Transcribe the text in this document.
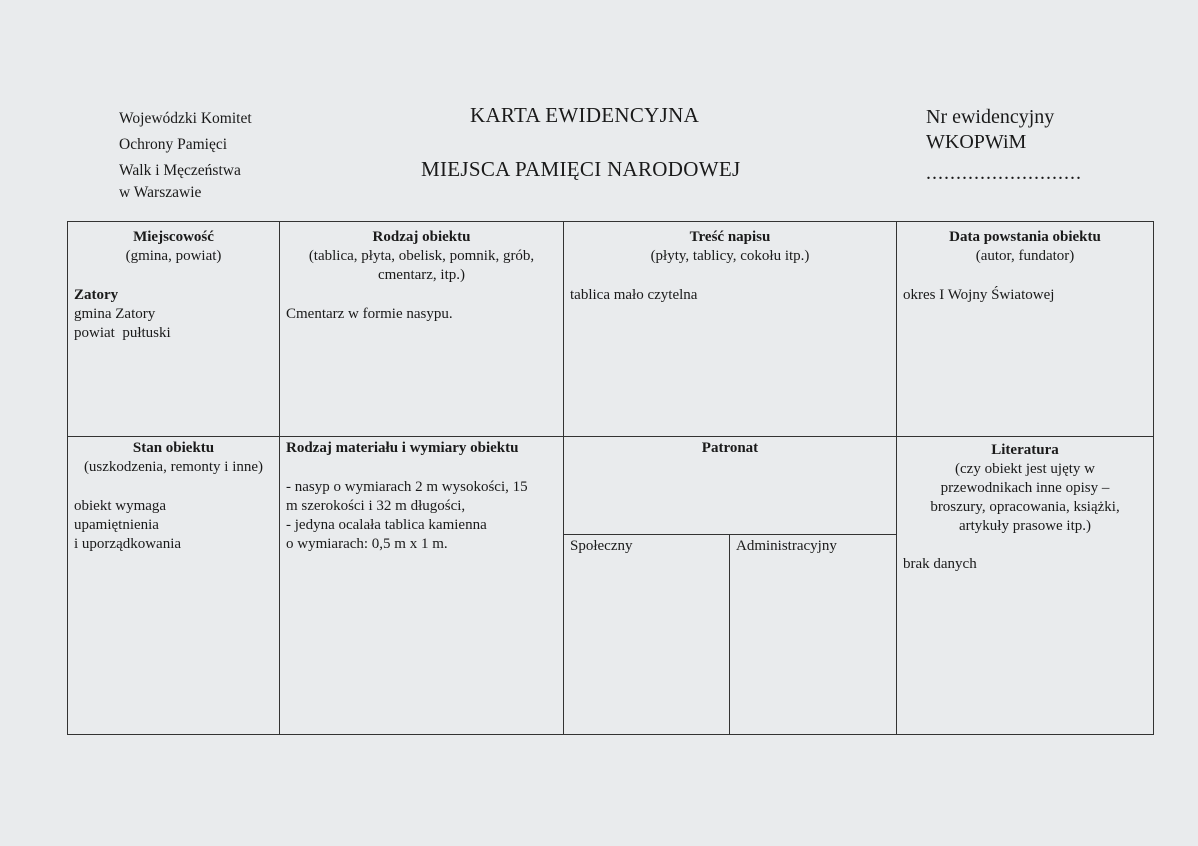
Wojewódzki Komitet
Ochrony Pamięci
Walk i Męczeństwa
w Warszawie
KARTA EWIDENCYJNA
MIEJSCA PAMIĘCI NARODOWEJ
Nr ewidencyjny
WKOPWiM
..........................
Miejscowość
(gmina, powiat)
Zatory
gmina Zatory
powiat  pułtuski
Rodzaj obiektu
(tablica, płyta, obelisk, pomnik, grób, cmentarz, itp.)
Cmentarz w formie nasypu.
Treść napisu
(płyty, tablicy, cokołu itp.)
tablica mało czytelna
Data powstania obiektu
(autor, fundator)
okres I Wojny Światowej
Stan obiektu
(uszkodzenia, remonty i inne)
obiekt wymaga
upamiętnienia
i uporządkowania
Rodzaj materiału i wymiary obiektu
- nasyp o wymiarach 2 m wysokości, 15
m szerokości i 32 m długości,
- jedyna ocalała tablica kamienna
o wymiarach: 0,5 m x 1 m.
Patronat
Społeczny	Administracyjny
Literatura
(czy obiekt jest ujęty w
przewodnikach inne opisy –
broszury, opracowania, książki,
artykuły prasowe itp.)
brak danych
